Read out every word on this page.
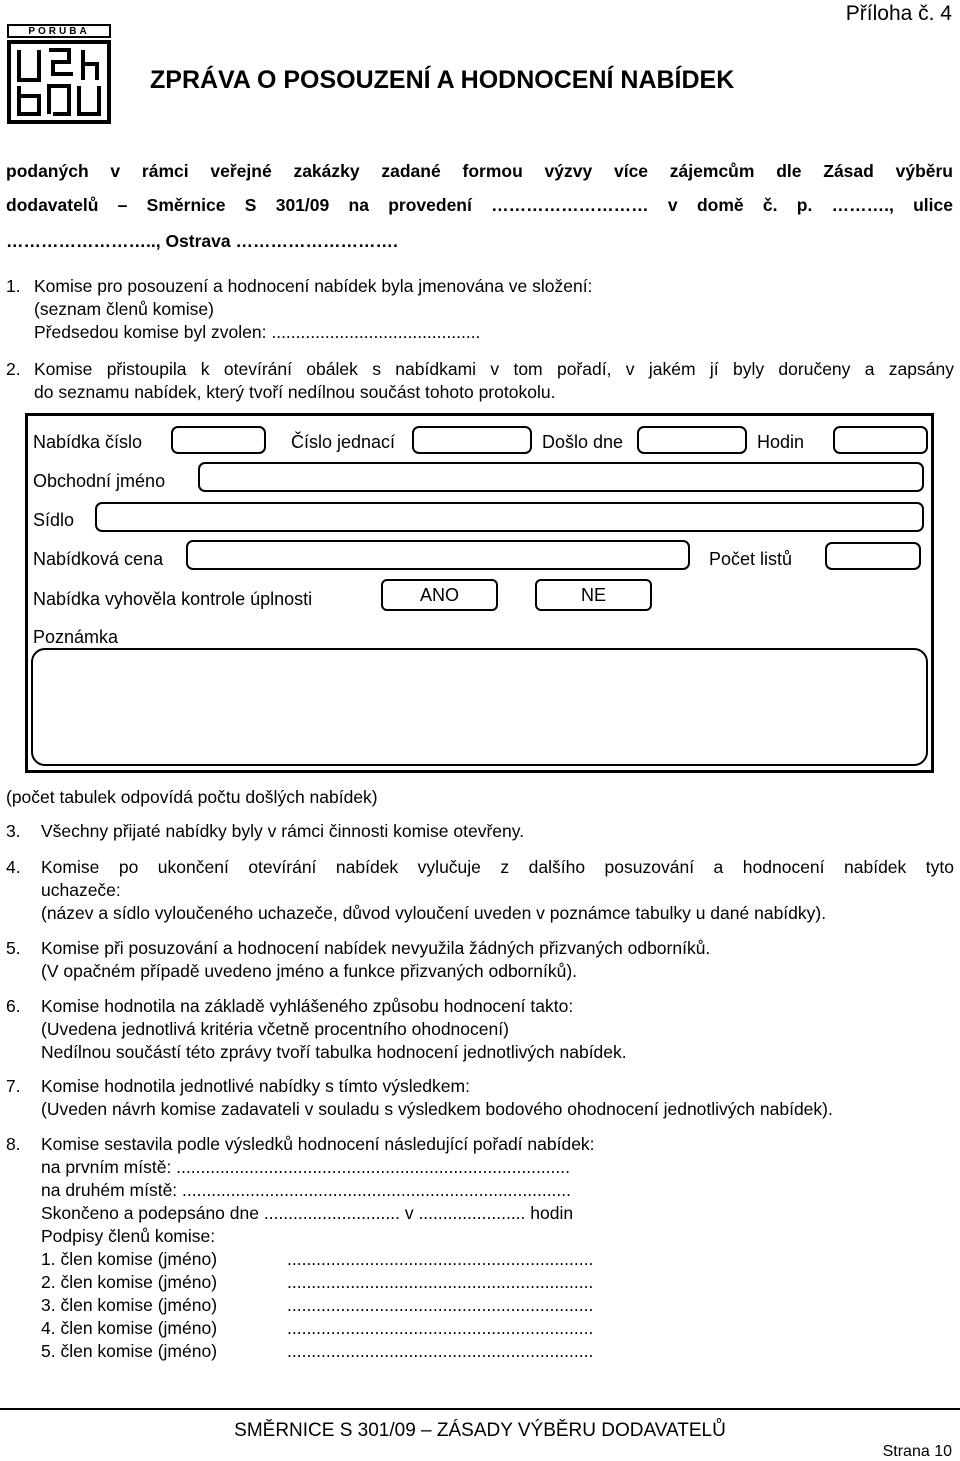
Příloha č. 4
PORUBA
ZPRÁVA O POSOUZENÍ A HODNOCENÍ NABÍDEK
podaných v rámci veřejné zakázky zadané formou výzvy více zájemcům dle Zásad výběru
dodavatelů – Směrnice S 301/09 na provedení ……………………… v domě č. p. ………., ulice
…………………….., Ostrava ……………………….
1. Komise pro posouzení a hodnocení nabídek byla jmenována ve složení:
(seznam členů komise)
Předsedou komise byl zvolen: ...........................................
2. Komise přistoupila k otevírání obálek s nabídkami v tom pořadí, v jakém jí byly doručeny a zapsány
do seznamu nabídek, který tvoří nedílnou součást tohoto protokolu.
Nabídka číslo	Číslo jednací	Došlo dne	Hodin
Obchodní jméno
Sídlo
Nabídková cena	Počet listů
Nabídka vyhověla kontrole úplnosti	ANO	NE
Poznámka
(počet tabulek odpovídá počtu došlých nabídek)
3. Všechny přijaté nabídky byly v rámci činnosti komise otevřeny.
4. Komise po ukončení otevírání nabídek vylučuje z dalšího posuzování a hodnocení nabídek tyto
uchazeče:
(název a sídlo vyloučeného uchazeče, důvod vyloučení uveden v poznámce tabulky u dané nabídky).
5. Komise při posuzování a hodnocení nabídek nevyužila žádných přizvaných odborníků.
(V opačném případě uvedeno jméno a funkce přizvaných odborníků).
6. Komise hodnotila na základě vyhlášeného způsobu hodnocení takto:
(Uvedena jednotlivá kritéria včetně procentního ohodnocení)
Nedílnou součástí této zprávy tvoří tabulka hodnocení jednotlivých nabídek.
7. Komise hodnotila jednotlivé nabídky s tímto výsledkem:
(Uveden návrh komise zadavateli v souladu s výsledkem bodového ohodnocení jednotlivých nabídek).
8. Komise sestavila podle výsledků hodnocení následující pořadí nabídek:
na prvním místě: .................................................................................
na druhém místě: ................................................................................
Skončeno a podepsáno dne ............................ v ...................... hodin
Podpisy členů komise:
1. člen komise (jméno)	...............................................................
2. člen komise (jméno)	...............................................................
3. člen komise (jméno)	...............................................................
4. člen komise (jméno)	...............................................................
5. člen komise (jméno)	...............................................................
SMĚRNICE S 301/09 – ZÁSADY VÝBĚRU DODAVATELŮ
Strana 10
